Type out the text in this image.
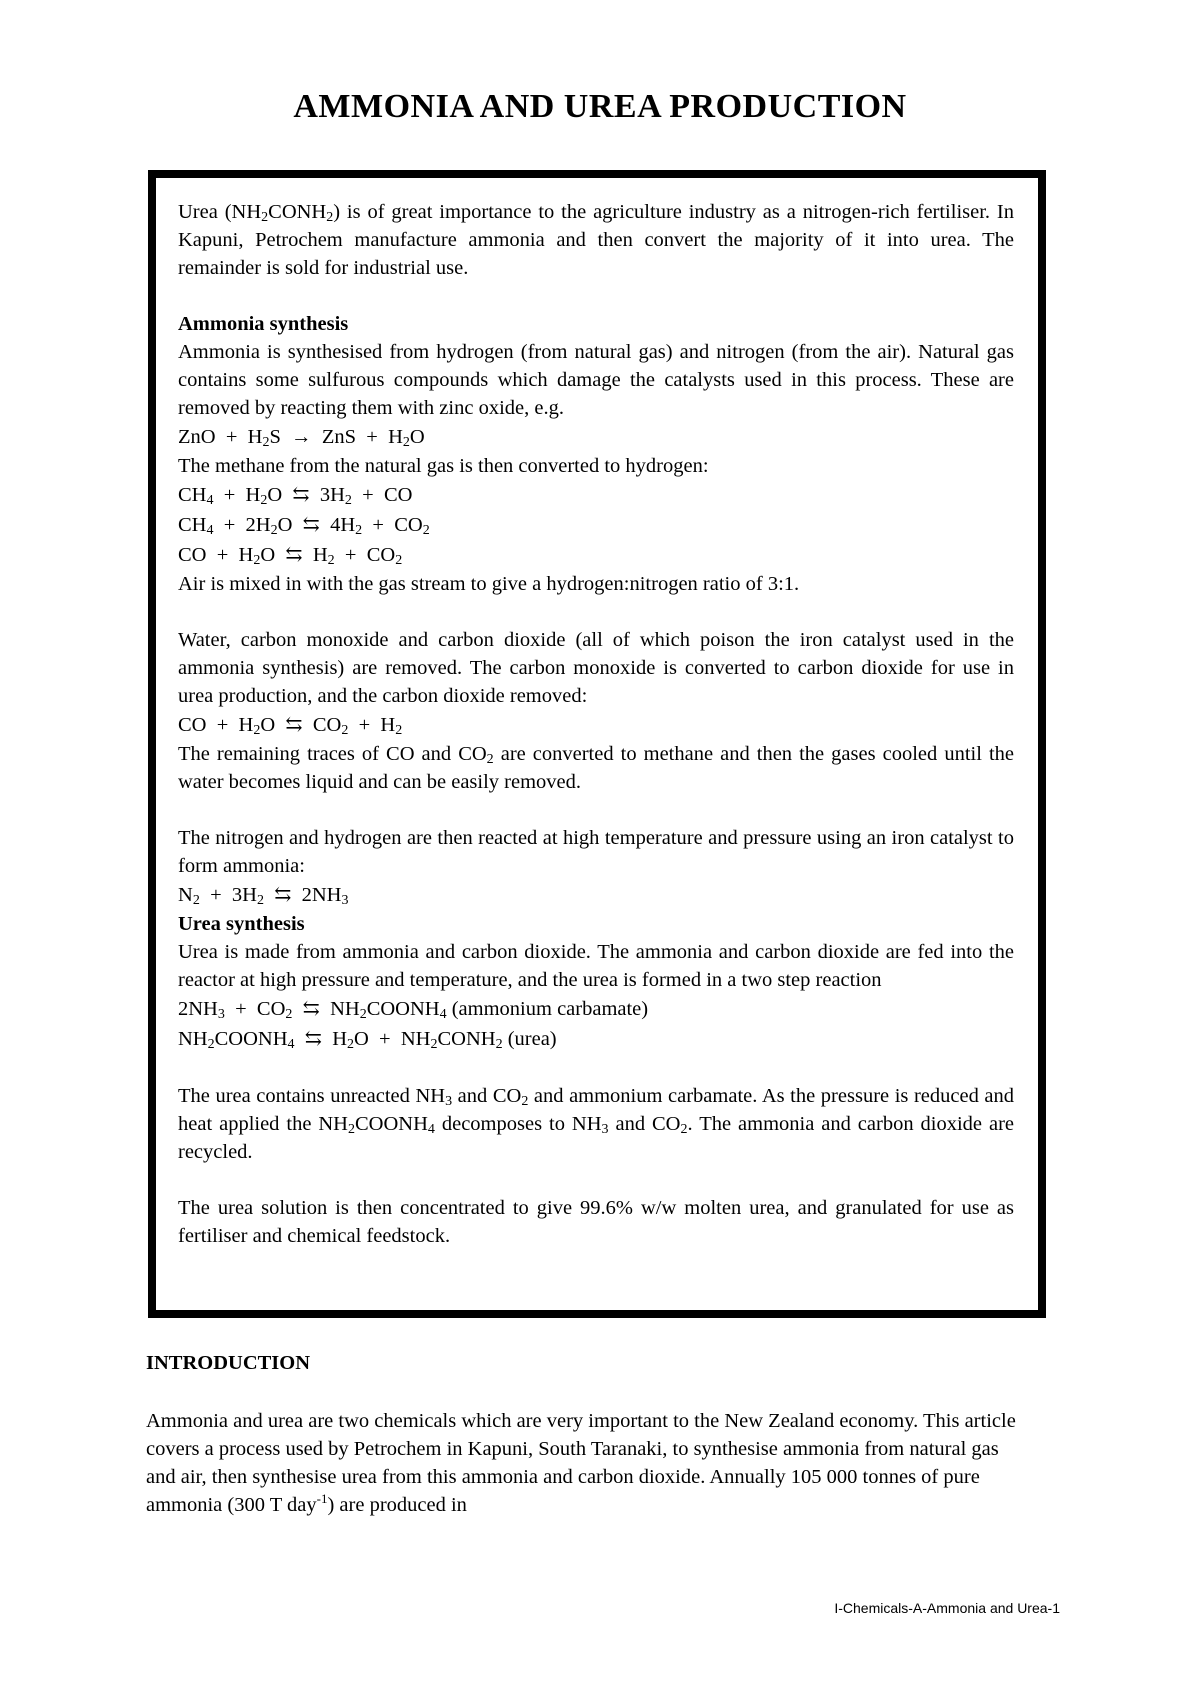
AMMONIA AND UREA PRODUCTION

Urea $(NH_2CONH_2)$ is of great importance to the agriculture industry as a nitrogen-rich fertiliser. In Kapuni, Petrochem manufacture ammonia and then convert the majority of it into urea. The remainder is sold for industrial use.

Ammonia synthesis

Ammonia is synthesised from hydrogen (from natural gas) and nitrogen (from the air). Natural gas contains some sulfurous compounds which damage the catalysts used in this process. These are removed by reacting them with zinc oxide, e.g.

ZnO  +  $H_2S$  →  ZnS  +  $H_2O$

The methane from the natural gas is then converted to hydrogen:

$CH_4 + H_2O$  ⇆  $3H_2$  +  CO

$CH_4 + 2H_2O$  ⇆  $4H_2 + CO_2$

CO  +  $H_2O$  ⇆  $H_2 + CO_2$

Air is mixed in with the gas stream to give a hydrogen:nitrogen ratio of 3:1.

Water, carbon monoxide and carbon dioxide (all of which poison the iron catalyst used in the ammonia synthesis) are removed. The carbon monoxide is converted to carbon dioxide for use in urea production, and the carbon dioxide removed:

CO  +  $H_2O$  ⇆  $CO_2 + H_2$

The remaining traces of CO and $CO_2$ are converted to methane and then the gases cooled until the water becomes liquid and can be easily removed.

The nitrogen and hydrogen are then reacted at high temperature and pressure using an iron catalyst to form ammonia:

$N_2 + 3H_2$  ⇆  $2NH_3$

Urea synthesis

Urea is made from ammonia and carbon dioxide. The ammonia and carbon dioxide are fed into the reactor at high pressure and temperature, and the urea is formed in a two step reaction

$2NH_3 + CO_2$  ⇆  $NH_2COONH_4$ (ammonium carbamate)

$NH_2COONH_4$  ⇆  $H_2O$  +  $NH_2CONH_2$ (urea)

The urea contains unreacted $NH_3$ and $CO_2$ and ammonium carbamate. As the pressure is reduced and heat applied the $NH_2COONH_4$ decomposes to $NH_3$ and $CO_2$. The ammonia and carbon dioxide are recycled.

The urea solution is then concentrated to give 99.6% w/w molten urea, and granulated for use as fertiliser and chemical feedstock.

INTRODUCTION

Ammonia and urea are two chemicals which are very important to the New Zealand economy. This article covers a process used by Petrochem in Kapuni, South Taranaki, to synthesise ammonia from natural gas and air, then synthesise urea from this ammonia and carbon dioxide. Annually 105 000 tonnes of pure ammonia (300 T day$^{-1}$) are produced in

I-Chemicals-A-Ammonia and Urea-1
